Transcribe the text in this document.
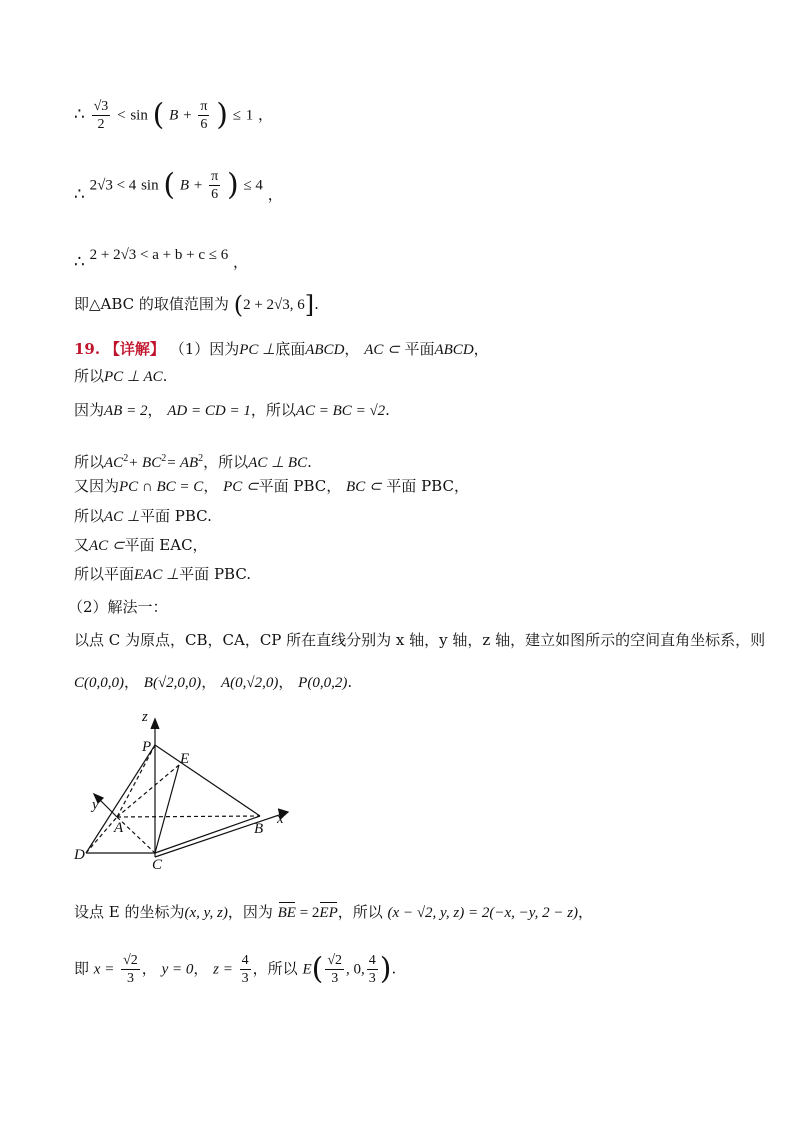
∴ $\frac{√3}{2} < \sin$ ( $B + \frac{\pi}{6}$ ) ≤ 1 ，
∴ 2√3 < 4 sin ( $B + \frac{\pi}{6}$ ) ≤ 4 ，
∴ 2 + 2√3 < a + b + c ≤ 6 ，
即△ABC 的取值范围为 (2 + 2√3, 6].
19. 【详解】 （1）因为PC ⊥底面ABCD， AC ⊂ 平面ABCD，
所以PC ⊥ AC.
因为AB = 2， AD = CD = 1，所以AC = BC = √2.
所以$AC^2+ BC^2= AB^2$，所以AC ⊥ BC.
又因为PC ∩ BC = C， PC ⊂平面 PBC， BC ⊂ 平面 PBC，
所以AC ⊥平面 PBC.
又AC ⊂平面 EAC，
所以平面EAC ⊥平面 PBC.
（2）解法一：
以点 C 为原点，CB，CA，CP 所在直线分别为 x 轴，y 轴，z 轴，建立如图所示的空间直角坐标系，则
C(0,0,0)， B(√2,0,0)， A(0,√2,0)， P(0,0,2).
z
P
E
y
A
x
B
D
C
设点 E 的坐标为(x, y, z)，因为 BE = 2EP，所以 (x − √2, y, z) = 2(−x, −y, 2 − z)，
即 $x = \frac{√2}{3}$ ， y = 0， $z = \frac{4}{3}$ ，所以 $E( \frac{√2}{3}$ , 0, $\frac{4}{3}$ ).
